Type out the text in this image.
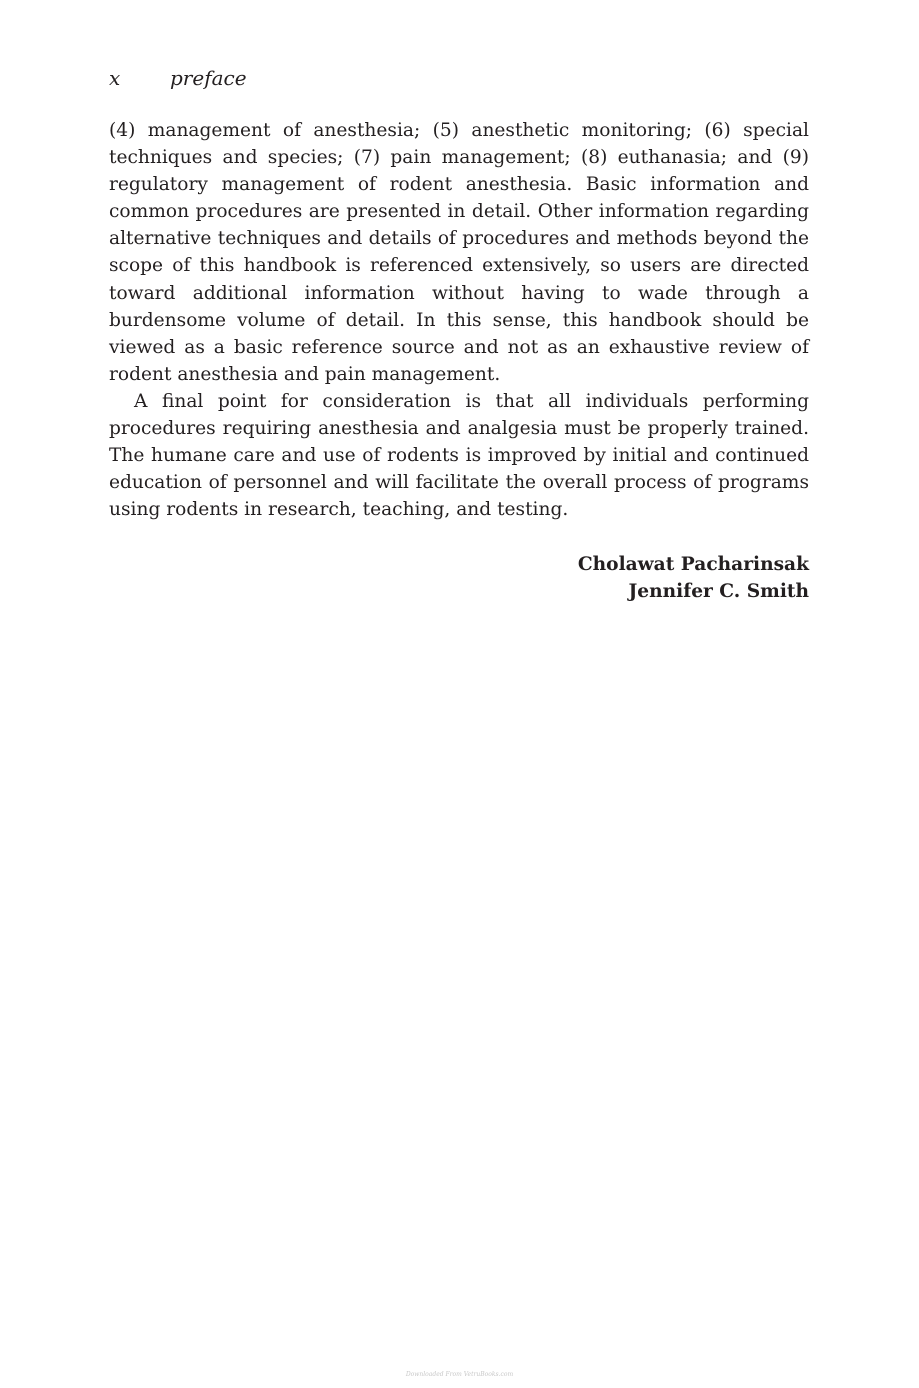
x preface

(4) management of anesthesia; (5) anesthetic monitoring; (6) special techniques and species; (7) pain management; (8) euthanasia; and (9) regulatory management of rodent anesthesia. Basic information and common procedures are presented in detail. Other information regarding alternative techniques and details of procedures and methods beyond the scope of this handbook is referenced extensively, so users are directed toward additional information without having to wade through a burdensome volume of detail. In this sense, this handbook should be viewed as a basic reference source and not as an exhaustive review of rodent anesthesia and pain management.

A final point for consideration is that all individuals performing procedures requiring anesthesia and analgesia must be properly trained. The humane care and use of rodents is improved by initial and continued education of personnel and will facilitate the overall process of programs using rodents in research, teaching, and testing.

Cholawat Pacharinsak
Jennifer C. Smith
Downloaded From VetruBooks.com
